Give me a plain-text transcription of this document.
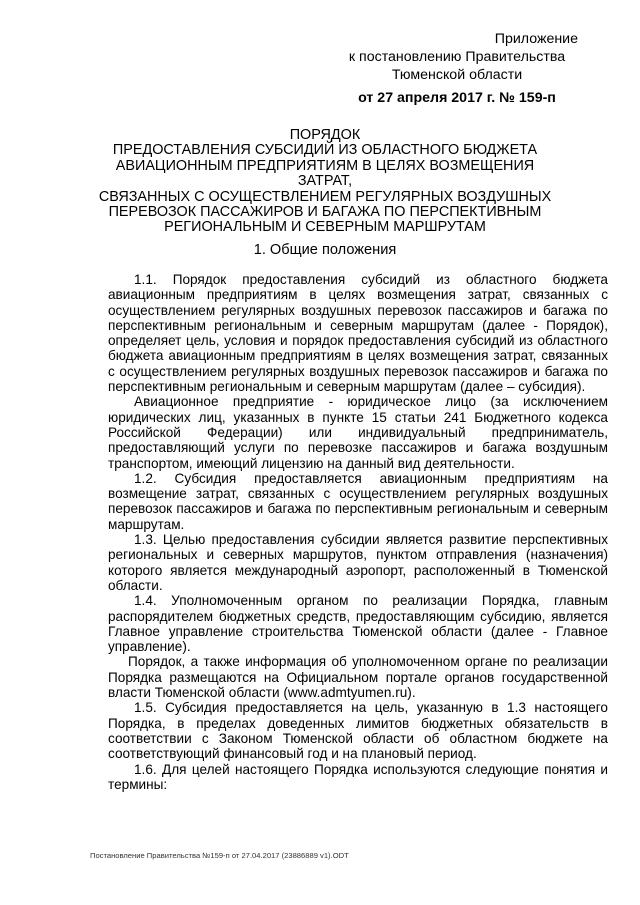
Приложение
к постановлению Правительства
Тюменской области
от 27 апреля 2017 г. № 159-п
ПОРЯДОК
ПРЕДОСТАВЛЕНИЯ СУБСИДИЙ ИЗ ОБЛАСТНОГО БЮДЖЕТА
АВИАЦИОННЫМ ПРЕДПРИЯТИЯМ В ЦЕЛЯХ ВОЗМЕЩЕНИЯ ЗАТРАТ,
СВЯЗАННЫХ С ОСУЩЕСТВЛЕНИЕМ РЕГУЛЯРНЫХ ВОЗДУШНЫХ
ПЕРЕВОЗОК ПАССАЖИРОВ И БАГАЖА ПО ПЕРСПЕКТИВНЫМ
РЕГИОНАЛЬНЫМ И СЕВЕРНЫМ МАРШРУТАМ
1. Общие положения

1.1. Порядок предоставления субсидий из областного бюджета авиационным предприятиям в целях возмещения затрат, связанных с осуществлением регулярных воздушных перевозок пассажиров и багажа по перспективным региональным и северным маршрутам (далее - Порядок), определяет цель, условия и порядок предоставления субсидий из областного бюджета авиационным предприятиям в целях возмещения затрат, связанных с осуществлением регулярных воздушных перевозок пассажиров и багажа по перспективным региональным и северным маршрутам (далее – субсидия).

Авиационное предприятие - юридическое лицо (за исключением юридических лиц, указанных в пункте 15 статьи 241 Бюджетного кодекса Российской Федерации) или индивидуальный предприниматель, предоставляющий услуги по перевозке пассажиров и багажа воздушным транспортом, имеющий лицензию на данный вид деятельности.

1.2. Субсидия предоставляется авиационным предприятиям на возмещение затрат, связанных с осуществлением регулярных воздушных перевозок пассажиров и багажа по перспективным региональным и северным маршрутам.

1.3. Целью предоставления субсидии является развитие перспективных региональных и северных маршрутов, пунктом отправления (назначения) которого является международный аэропорт, расположенный в Тюменской области.

1.4. Уполномоченным органом по реализации Порядка, главным распорядителем бюджетных средств, предоставляющим субсидию, является Главное управление строительства Тюменской области (далее - Главное управление).

Порядок, а также информация об уполномоченном органе по реализации Порядка размещаются на Официальном портале органов государственной власти Тюменской области (www.admtyumen.ru).

1.5. Субсидия предоставляется на цель, указанную в 1.3 настоящего Порядка, в пределах доведенных лимитов бюджетных обязательств в соответствии с Законом Тюменской области об областном бюджете на соответствующий финансовый год и на плановый период.

1.6. Для целей настоящего Порядка используются следующие понятия и термины:

Постановление Правительства №159-п от 27.04.2017 (23886889 v1).ODT
